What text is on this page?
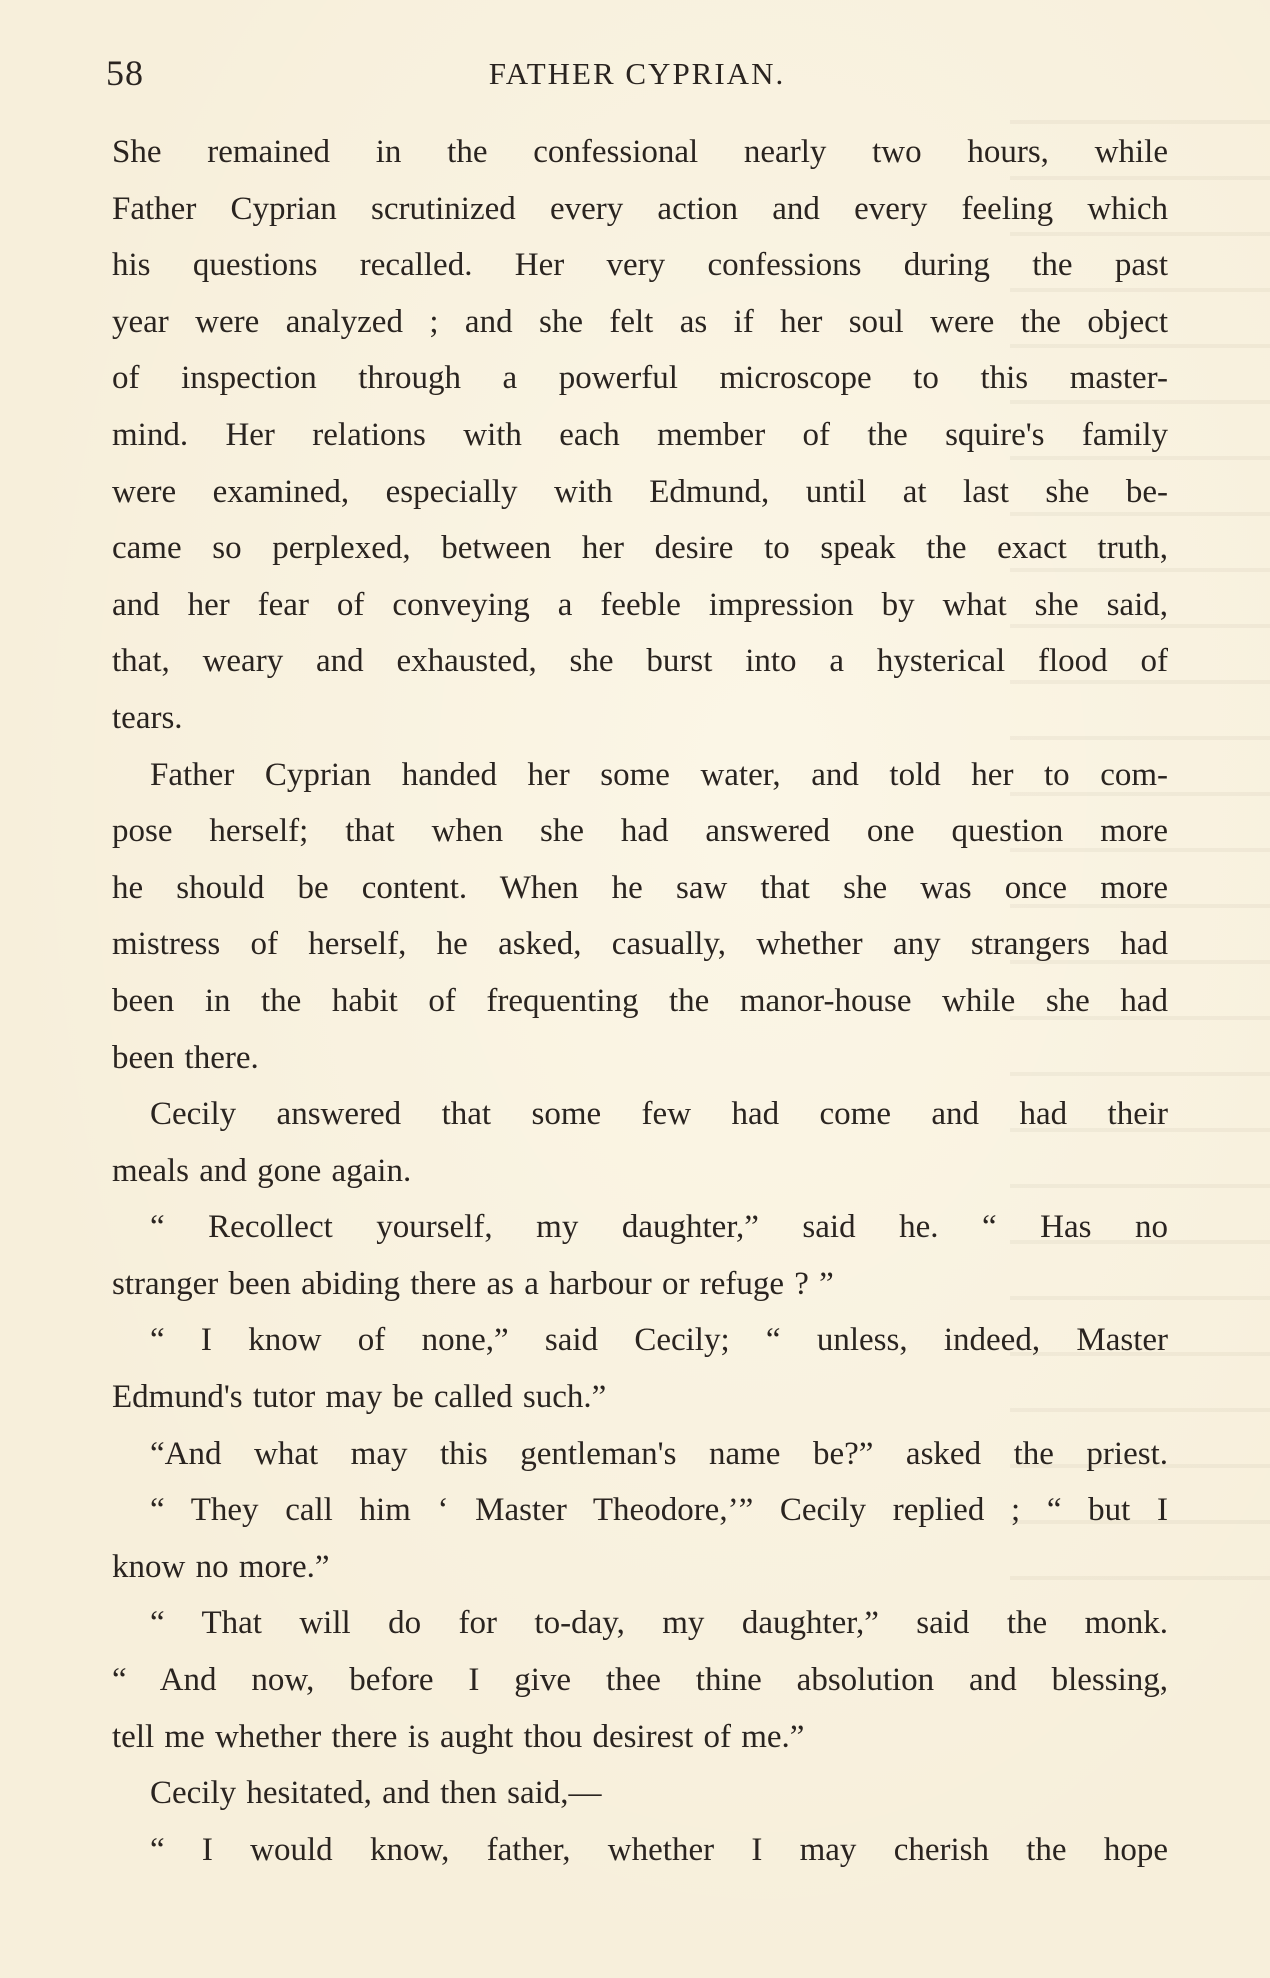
58	FATHER CYPRIAN.
She remained in the confessional nearly two hours, while
Father Cyprian scrutinized every action and every feeling which
his questions recalled. Her very confessions during the past
year were analyzed ; and she felt as if her soul were the object
of inspection through a powerful microscope to this master-
mind. Her relations with each member of the squire's family
were examined, especially with Edmund, until at last she be-
came so perplexed, between her desire to speak the exact truth,
and her fear of conveying a feeble impression by what she said,
that, weary and exhausted, she burst into a hysterical flood of
tears.
Father Cyprian handed her some water, and told her to com-
pose herself; that when she had answered one question more
he should be content. When he saw that she was once more
mistress of herself, he asked, casually, whether any strangers had
been in the habit of frequenting the manor-house while she had
been there.
Cecily answered that some few had come and had their
meals and gone again.
“ Recollect yourself, my daughter,” said he. “ Has no
stranger been abiding there as a harbour or refuge ? ”
“ I know of none,” said Cecily; “ unless, indeed, Master
Edmund's tutor may be called such.”
“And what may this gentleman's name be?” asked the priest.
“ They call him ‘ Master Theodore,’” Cecily replied ; “ but I
know no more.”
“ That will do for to-day, my daughter,” said the monk.
“ And now, before I give thee thine absolution and blessing,
tell me whether there is aught thou desirest of me.”
Cecily hesitated, and then said,—
“ I would know, father, whether I may cherish the hope
